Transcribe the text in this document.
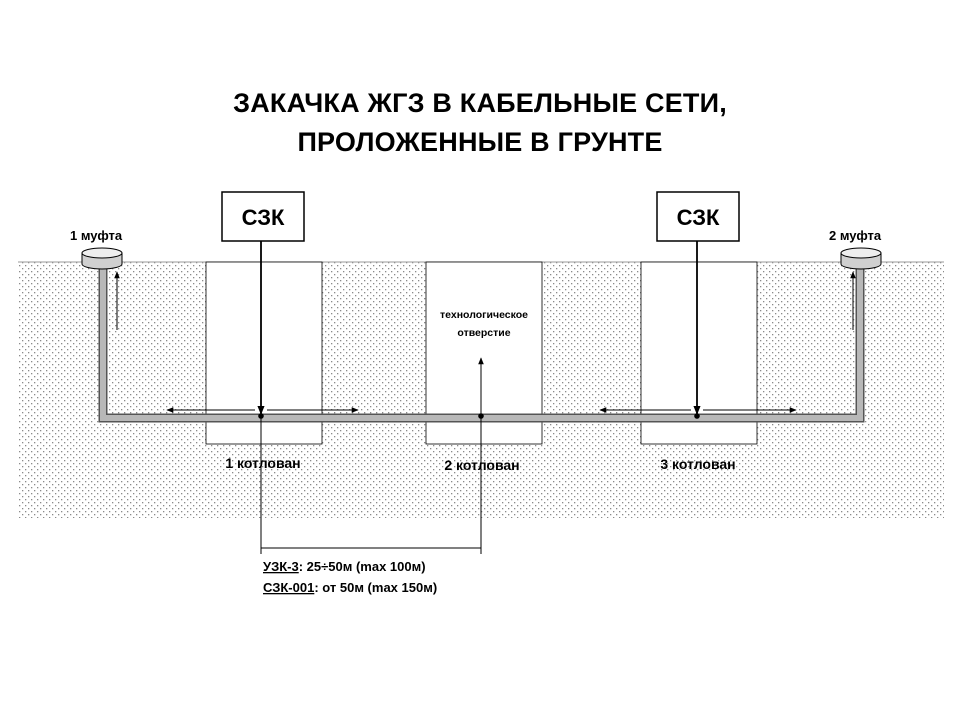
ЗАКАЧКА ЖГЗ В КАБЕЛЬНЫЕ СЕТИ,
ПРОЛОЖЕННЫЕ В ГРУНТЕ
1 муфта	2 муфта
СЗК	СЗК
технологическое
отверстие
1 котлован	2 котлован	3 котлован
УЗК-3: 25÷50м (max 100м)
СЗК-001: от 50м (max 150м)
